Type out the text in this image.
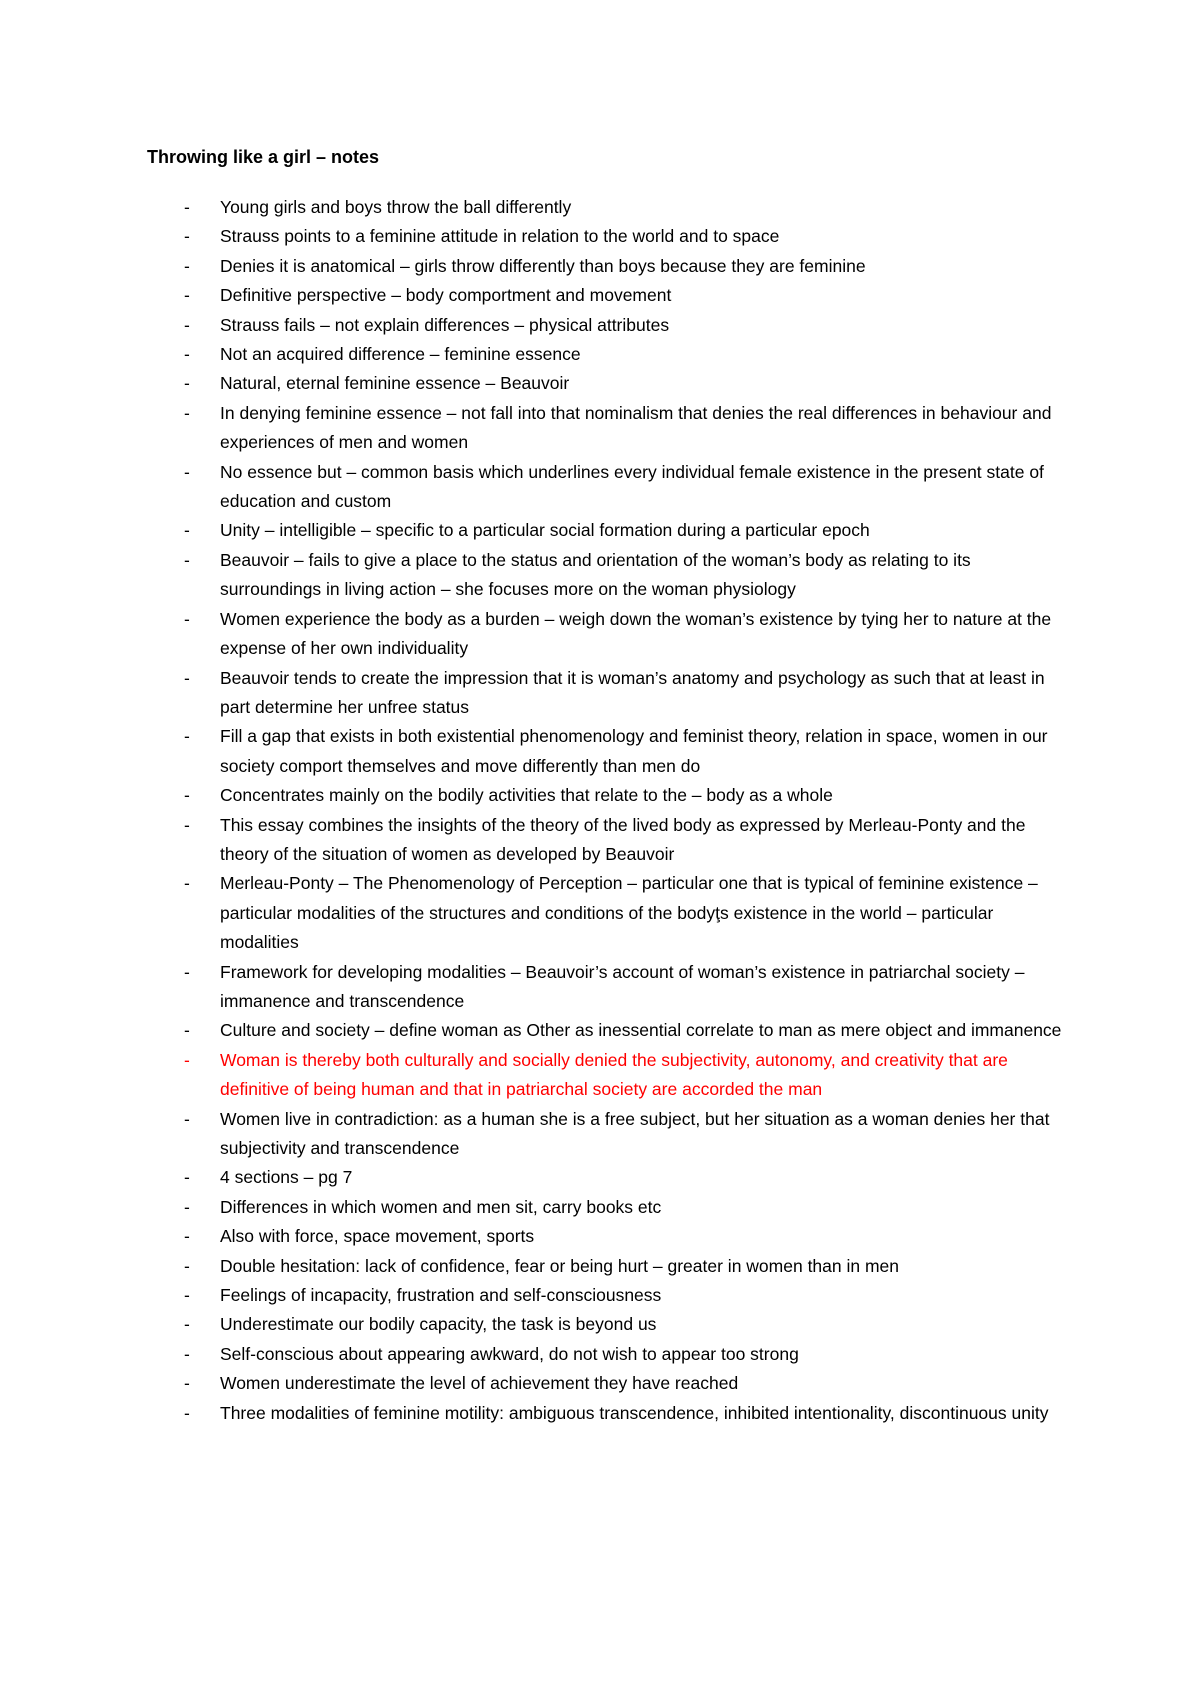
Throwing like a girl – notes
- Young girls and boys throw the ball differently
- Strauss points to a feminine attitude in relation to the world and to space
- Denies it is anatomical – girls throw differently than boys because they are feminine
- Definitive perspective – body comportment and movement
- Strauss fails – not explain differences – physical attributes
- Not an acquired difference – feminine essence
- Natural, eternal feminine essence – Beauvoir
- In denying feminine essence – not fall into that nominalism that denies the real differences in behaviour and experiences of men and women
- No essence but – common basis which underlines every individual female existence in the present state of education and custom
- Unity – intelligible – specific to a particular social formation during a particular epoch
- Beauvoir – fails to give a place to the status and orientation of the woman’s body as relating to its surroundings in living action – she focuses more on the woman physiology
- Women experience the body as a burden – weigh down the woman’s existence by tying her to nature at the expense of her own individuality
- Beauvoir tends to create the impression that it is woman’s anatomy and psychology as such that at least in part determine her unfree status
- Fill a gap that exists in both existential phenomenology and feminist theory, relation in space, women in our society comport themselves and move differently than men do
- Concentrates mainly on the bodily activities that relate to the – body as a whole
- This essay combines the insights of the theory of the lived body as expressed by Merleau-Ponty and the theory of the situation of women as developed by Beauvoir
- Merleau-Ponty – The Phenomenology of Perception – particular one that is typical of feminine existence – particular modalities of the structures and conditions of the bodyţs existence in the world – particular modalities
- Framework for developing modalities – Beauvoir’s account of woman’s existence in patriarchal society – immanence and transcendence
- Culture and society – define woman as Other as inessential correlate to man as mere object and immanence
- Woman is thereby both culturally and socially denied the subjectivity, autonomy, and creativity that are definitive of being human and that in patriarchal society are accorded the man
- Women live in contradiction: as a human she is a free subject, but her situation as a woman denies her that subjectivity and transcendence
- 4 sections – pg 7
- Differences in which women and men sit, carry books etc
- Also with force, space movement, sports
- Double hesitation: lack of confidence, fear or being hurt – greater in women than in men
- Feelings of incapacity, frustration and self-consciousness
- Underestimate our bodily capacity, the task is beyond us
- Self-conscious about appearing awkward, do not wish to appear too strong
- Women underestimate the level of achievement they have reached
- Three modalities of feminine motility: ambiguous transcendence, inhibited intentionality, discontinuous unity
